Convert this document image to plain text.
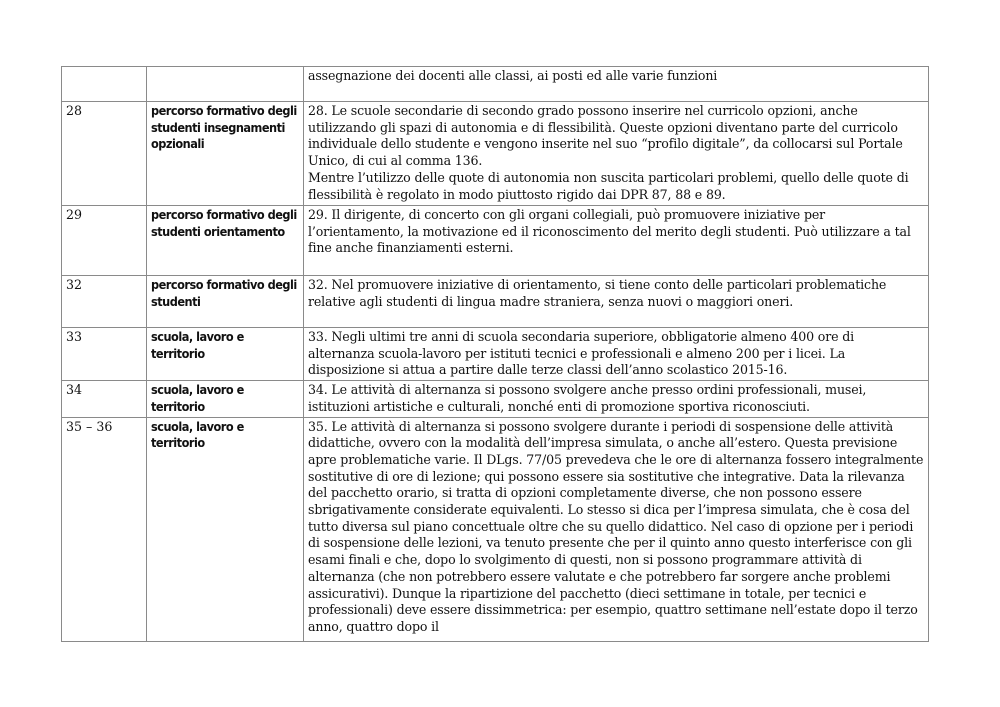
		assegnazione dei docenti alle classi, ai posti ed alle varie funzioni

28	percorso formativo degli studenti insegnamenti opzionali	28. Le scuole secondarie di secondo grado possono inserire nel curricolo opzioni, anche utilizzando gli spazi di autonomia e di flessibilità. Queste opzioni diventano parte del curricolo individuale dello studente e vengono inserite nel suo “profilo digitale”, da collocarsi sul Portale Unico, di cui al comma 136.
Mentre l’utilizzo delle quote di autonomia non suscita particolari problemi, quello delle quote di flessibilità è regolato in modo piuttosto rigido dai DPR 87, 88 e 89.

29	percorso formativo degli studenti orientamento	29. Il dirigente, di concerto con gli organi collegiali, può promuovere iniziative per l’orientamento, la motivazione ed il riconoscimento del merito degli studenti. Può utilizzare a tal fine anche finanziamenti esterni.

32	percorso formativo degli studenti	32. Nel promuovere iniziative di orientamento, si tiene conto delle particolari problematiche relative agli studenti di lingua madre straniera, senza nuovi o maggiori oneri.

33	scuola, lavoro e territorio	33. Negli ultimi tre anni di scuola secondaria superiore, obbligatorie almeno 400 ore di alternanza scuola-lavoro per istituti tecnici e professionali e almeno 200 per i licei. La disposizione si attua a partire dalle terze classi dell’anno scolastico 2015-16.

34	scuola, lavoro e territorio	34. Le attività di alternanza si possono svolgere anche presso ordini professionali, musei, istituzioni artistiche e culturali, nonché enti di promozione sportiva riconosciuti.

35 – 36	scuola, lavoro e territorio	35. Le attività di alternanza si possono svolgere durante i periodi di sospensione delle attività didattiche, ovvero con la modalità dell’impresa simulata, o anche all’estero. Questa previsione apre problematiche varie. Il DLgs. 77/05 prevedeva che le ore di alternanza fossero integralmente sostitutive di ore di lezione; qui possono essere sia sostitutive che integrative. Data la rilevanza del pacchetto orario, si tratta di opzioni completamente diverse, che non possono essere sbrigativamente considerate equivalenti. Lo stesso si dica per l’impresa simulata, che è cosa del tutto diversa sul piano concettuale oltre che su quello didattico. Nel caso di opzione per i periodi di sospensione delle lezioni, va tenuto presente che per il quinto anno questo interferisce con gli esami finali e che, dopo lo svolgimento di questi, non si possono programmare attività di alternanza (che non potrebbero essere valutate e che potrebbero far sorgere anche problemi assicurativi). Dunque la ripartizione del pacchetto (dieci settimane in totale, per tecnici e professionali) deve essere dissimmetrica: per esempio, quattro settimane nell’estate dopo il terzo anno, quattro dopo il
